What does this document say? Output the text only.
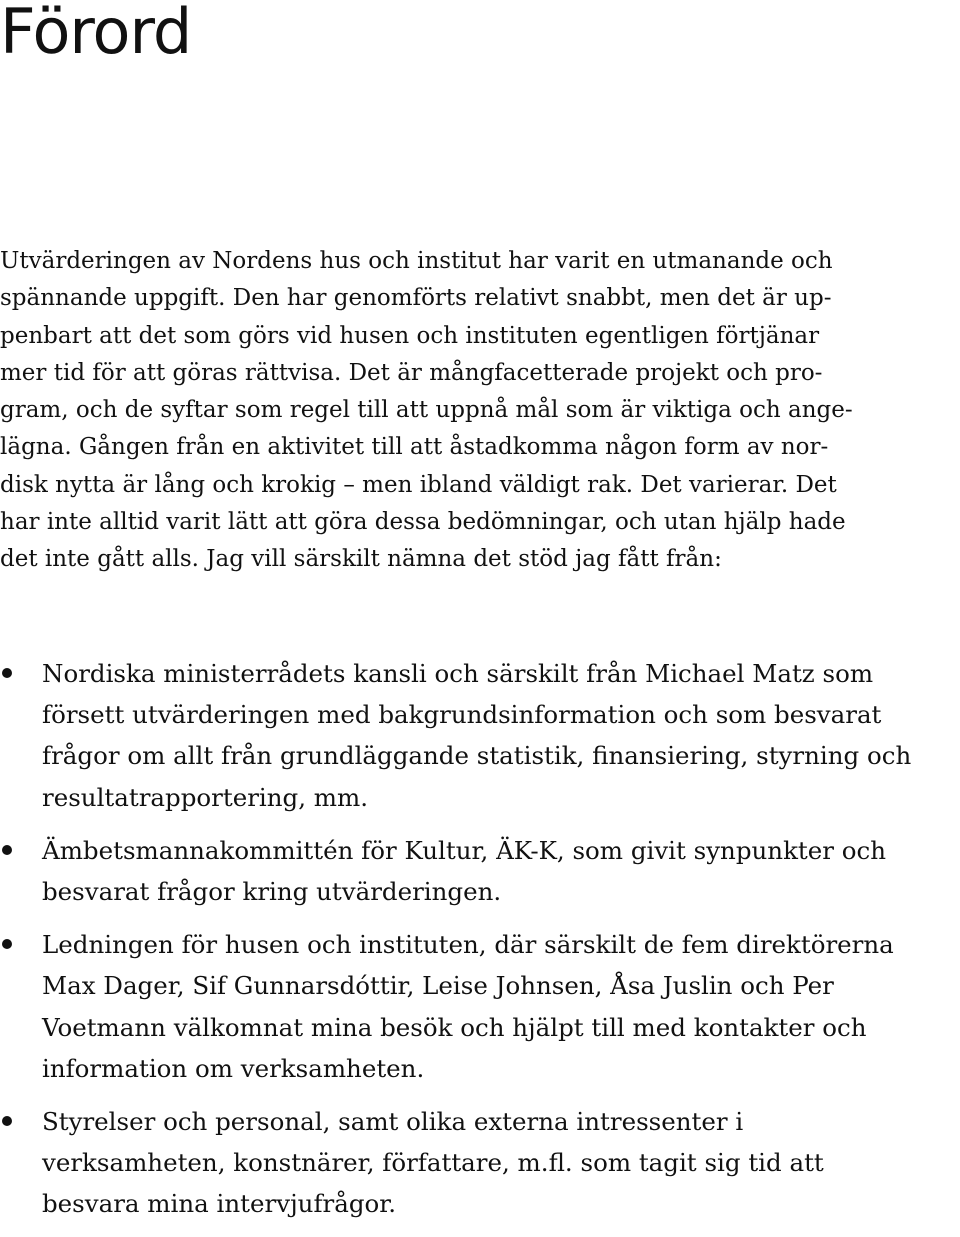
Förord

Utvärderingen av Nordens hus och institut har varit en utmanande och
spännande uppgift. Den har genomförts relativt snabbt, men det är up-
penbart att det som görs vid husen och instituten egentligen förtjänar
mer tid för att göras rättvisa. Det är mångfacetterade projekt och pro-
gram, och de syftar som regel till att uppnå mål som är viktiga och ange-
lägna. Gången från en aktivitet till att åstadkomma någon form av nor-
disk nytta är lång och krokig – men ibland väldigt rak. Det varierar. Det
har inte alltid varit lätt att göra dessa bedömningar, och utan hjälp hade
det inte gått alls. Jag vill särskilt nämna det stöd jag fått från:

Nordiska ministerrådets kansli och särskilt från Michael Matz som
försett utvärderingen med bakgrundsinformation och som besvarat
frågor om allt från grundläggande statistik, finansiering, styrning och
resultatrapportering, mm.
Ämbetsmannakommittén för Kultur, ÄK-K, som givit synpunkter och
besvarat frågor kring utvärderingen.
Ledningen för husen och instituten, där särskilt de fem direktörerna
Max Dager, Sif Gunnarsdóttir, Leise Johnsen, Åsa Juslin och Per
Voetmann välkomnat mina besök och hjälpt till med kontakter och
information om verksamheten.
Styrelser och personal, samt olika externa intressenter i
verksamheten, konstnärer, författare, m.fl. som tagit sig tid att
besvara mina intervjufrågor.
